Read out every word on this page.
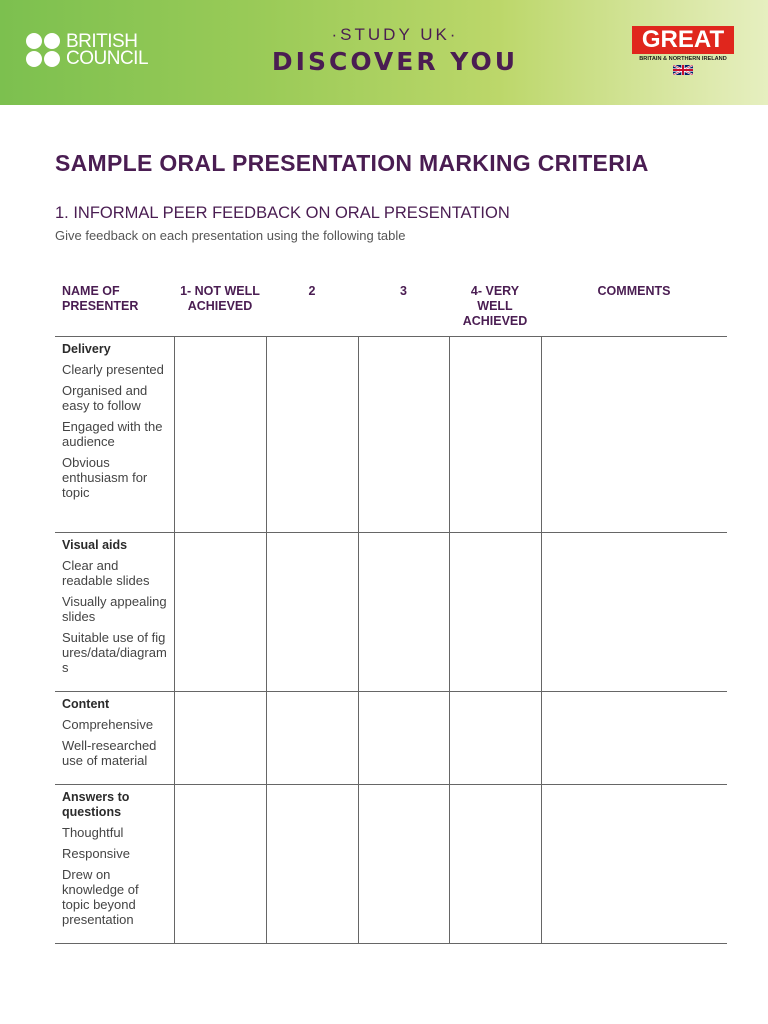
BRITISH
COUNCIL
·STUDY UK·
DISCOVER YOU
GREAT
BRITAIN & NORTHERN IRELAND
SAMPLE ORAL PRESENTATION MARKING CRITERIA
1. INFORMAL PEER FEEDBACK ON ORAL PRESENTATION
Give feedback on each presentation using the following table
NAME OF PRESENTER	1- NOT WELL ACHIEVED	2	3	4- VERY WELL ACHIEVED	COMMENTS

Delivery
Clearly presented
Organised and easy to follow
Engaged with the audience
Obvious enthusiasm for topic					

Visual aids
Clear and readable slides
Visually appealing slides
Suitable use of figures/data/diagrams					

Content
Comprehensive
Well-researched use of material					

Answers to questions
Thoughtful
Responsive
Drew on knowledge of topic beyond presentation					
